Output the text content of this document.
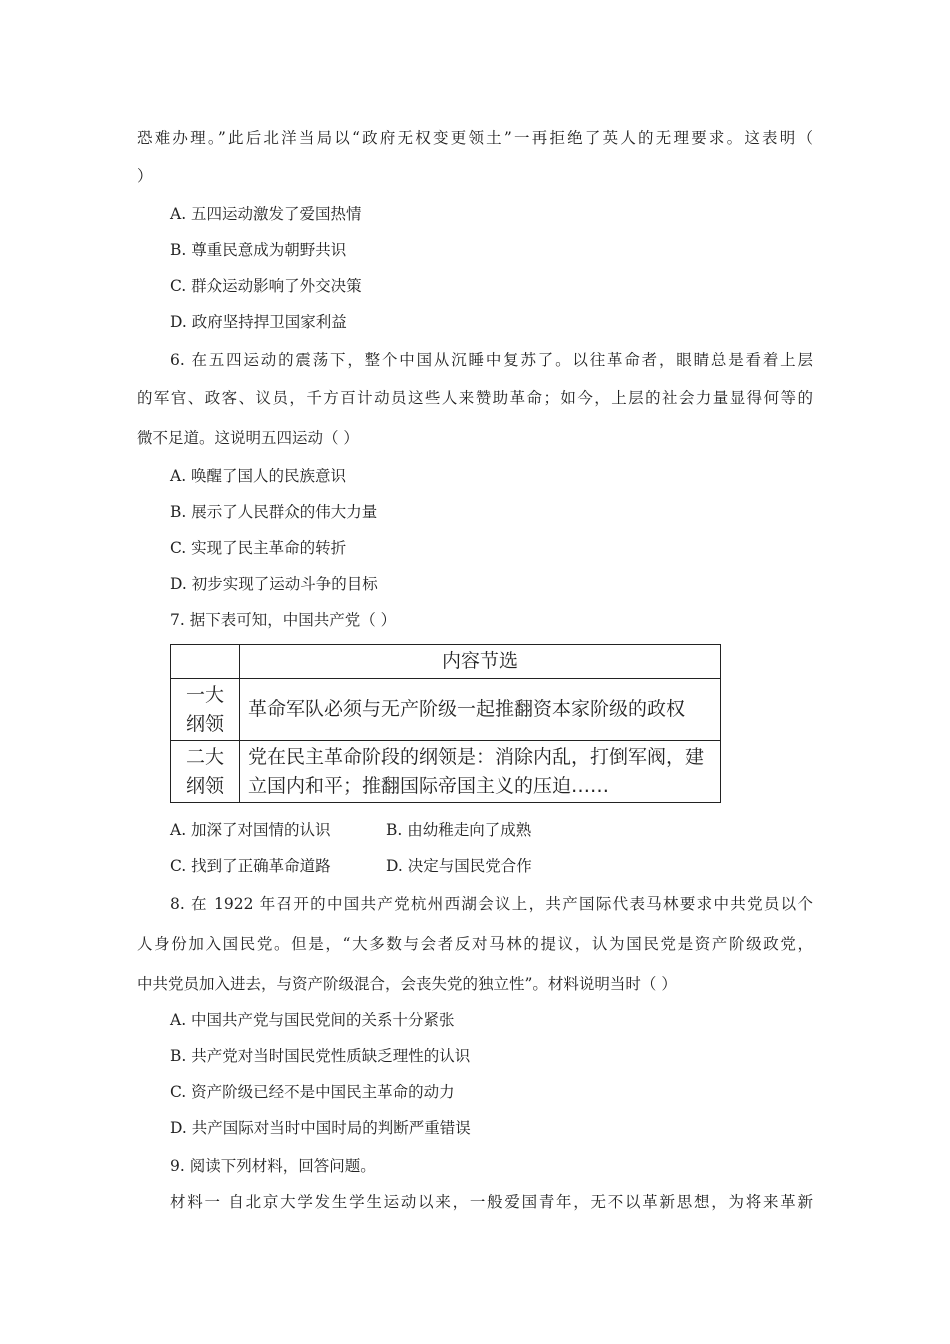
恐难办理。”此后北洋当局以“政府无权变更领土”一再拒绝了英人的无理要求。这表明（
）
A. 五四运动激发了爱国热情
B. 尊重民意成为朝野共识
C. 群众运动影响了外交决策
D. 政府坚持捍卫国家利益
6. 在五四运动的震荡下，整个中国从沉睡中复苏了。以往革命者，眼睛总是看着上层
的军官、政客、议员，千方百计动员这些人来赞助革命；如今，上层的社会力量显得何等的
微不足道。这说明五四运动（ ）
A. 唤醒了国人的民族意识
B. 展示了人民群众的伟大力量
C. 实现了民主革命的转折
D. 初步实现了运动斗争的目标
7. 据下表可知，中国共产党（ ）
	内容节选
一大
纲领	革命军队必须与无产阶级一起推翻资本家阶级的政权
二大
纲领	党在民主革命阶段的纲领是：消除内乱，打倒军阀，建立国内和平；推翻国际帝国主义的压迫……
A. 加深了对国情的认识	B. 由幼稚走向了成熟
C. 找到了正确革命道路	D. 决定与国民党合作
8. 在 1922 年召开的中国共产党杭州西湖会议上，共产国际代表马林要求中共党员以个
人身份加入国民党。但是，“大多数与会者反对马林的提议，认为国民党是资产阶级政党，
中共党员加入进去，与资产阶级混合，会丧失党的独立性”。材料说明当时（ ）
A. 中国共产党与国民党间的关系十分紧张
B. 共产党对当时国民党性质缺乏理性的认识
C. 资产阶级已经不是中国民主革命的动力
D. 共产国际对当时中国时局的判断严重错误
9. 阅读下列材料，回答问题。
材料一 自北京大学发生学生运动以来，一般爱国青年，无不以革新思想，为将来革新
